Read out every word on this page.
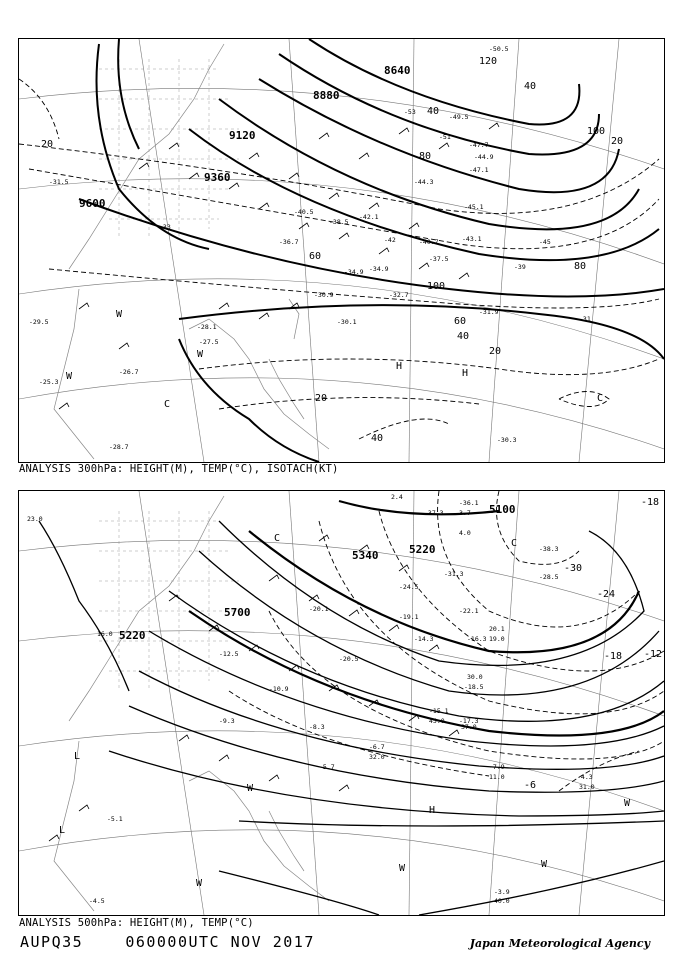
9600
8880
8640
9120
9360
20
40
60
80
100
120
20
40
60
80
100
40
20
40
20
H
H
C
C
W
W
W
-29.5
-31.5
-33
-34.9
-36.7
-38.5
-40.5
-42.1
-44.3
-45.1
-47.1
-49.5
-50.5
-51
-53
-30.9	-32.7
-34.9
-37.5
-30.1
-31.9
-28.1
-27.5
-26.7
-25.3
-28.7
-30.3
-31
-39
-45
-44.9
-47.7
-43.1
-40.7
-42
ANALYSIS 300hPa: HEIGHT(M), TEMP(°C), ISOTACH(KT)
5340	5220
5100
5700
5220
-18
-24
-30
-18 -12
-6
H
C	C
L
L
W
W
W	W
W
-36.1
-37.3
-38.3
-31.3	-28.5
-24.5
-22.1
-20.1
-19.1
-16.3
-14.3
-12.5
-10.9
-9.3
-8.3
-7.9
-5.7
-3.9
-4.3
-4.5
-5.1
-6.7
-17.3
-15.1
-18.5
-20.5
2.4
3.7
4.0
16.0
20.1
37.0
31.0
40.0
11.0
32.0
45.0
30.0
19.0
23.0
ANALYSIS 500hPa: HEIGHT(M), TEMP(°C)
AUPQ35	060000UTC NOV 2017	Japan Meteorological Agency
